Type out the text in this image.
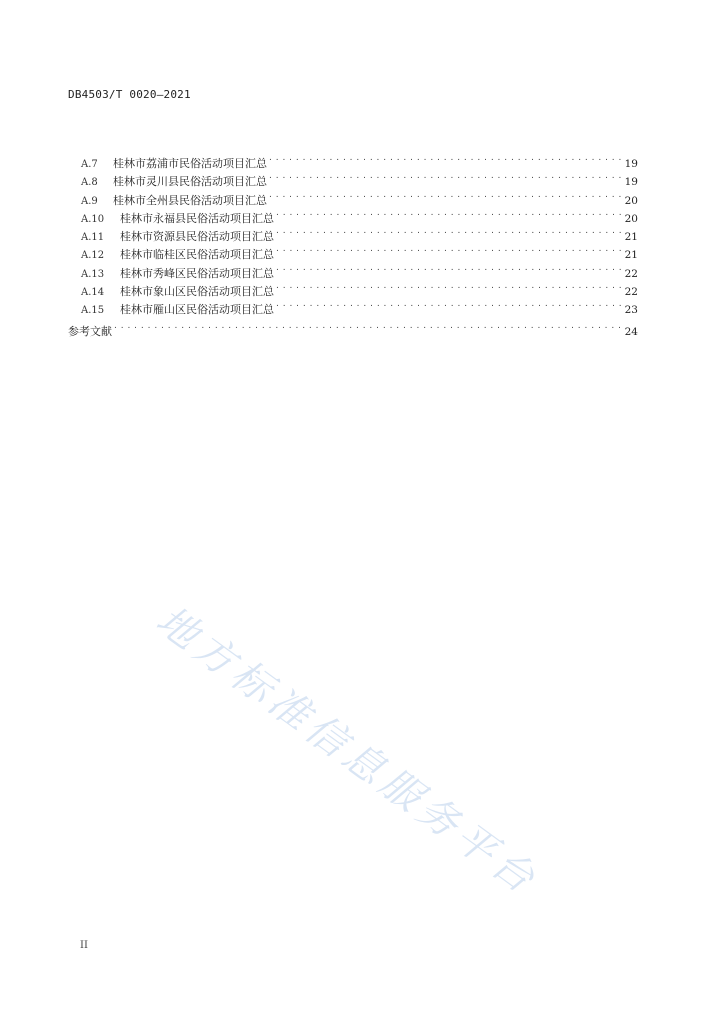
DB4503/T 0020—2021
A.7	桂林市荔浦市民俗活动项目汇总 . . .	19
A.8	桂林市灵川县民俗活动项目汇总 . . .	19
A.9	桂林市全州县民俗活动项目汇总 . . .	20
A.10	桂林市永福县民俗活动项目汇总 . . .	20
A.11	桂林市资源县民俗活动项目汇总 . . .	21
A.12	桂林市临桂区民俗活动项目汇总 . . .	21
A.13	桂林市秀峰区民俗活动项目汇总 . . .	22
A.14	桂林市象山区民俗活动项目汇总 . . .	22
A.15	桂林市雁山区民俗活动项目汇总 . . .	23
参考文献 . . .	24
地方标准信息服务平台
II
